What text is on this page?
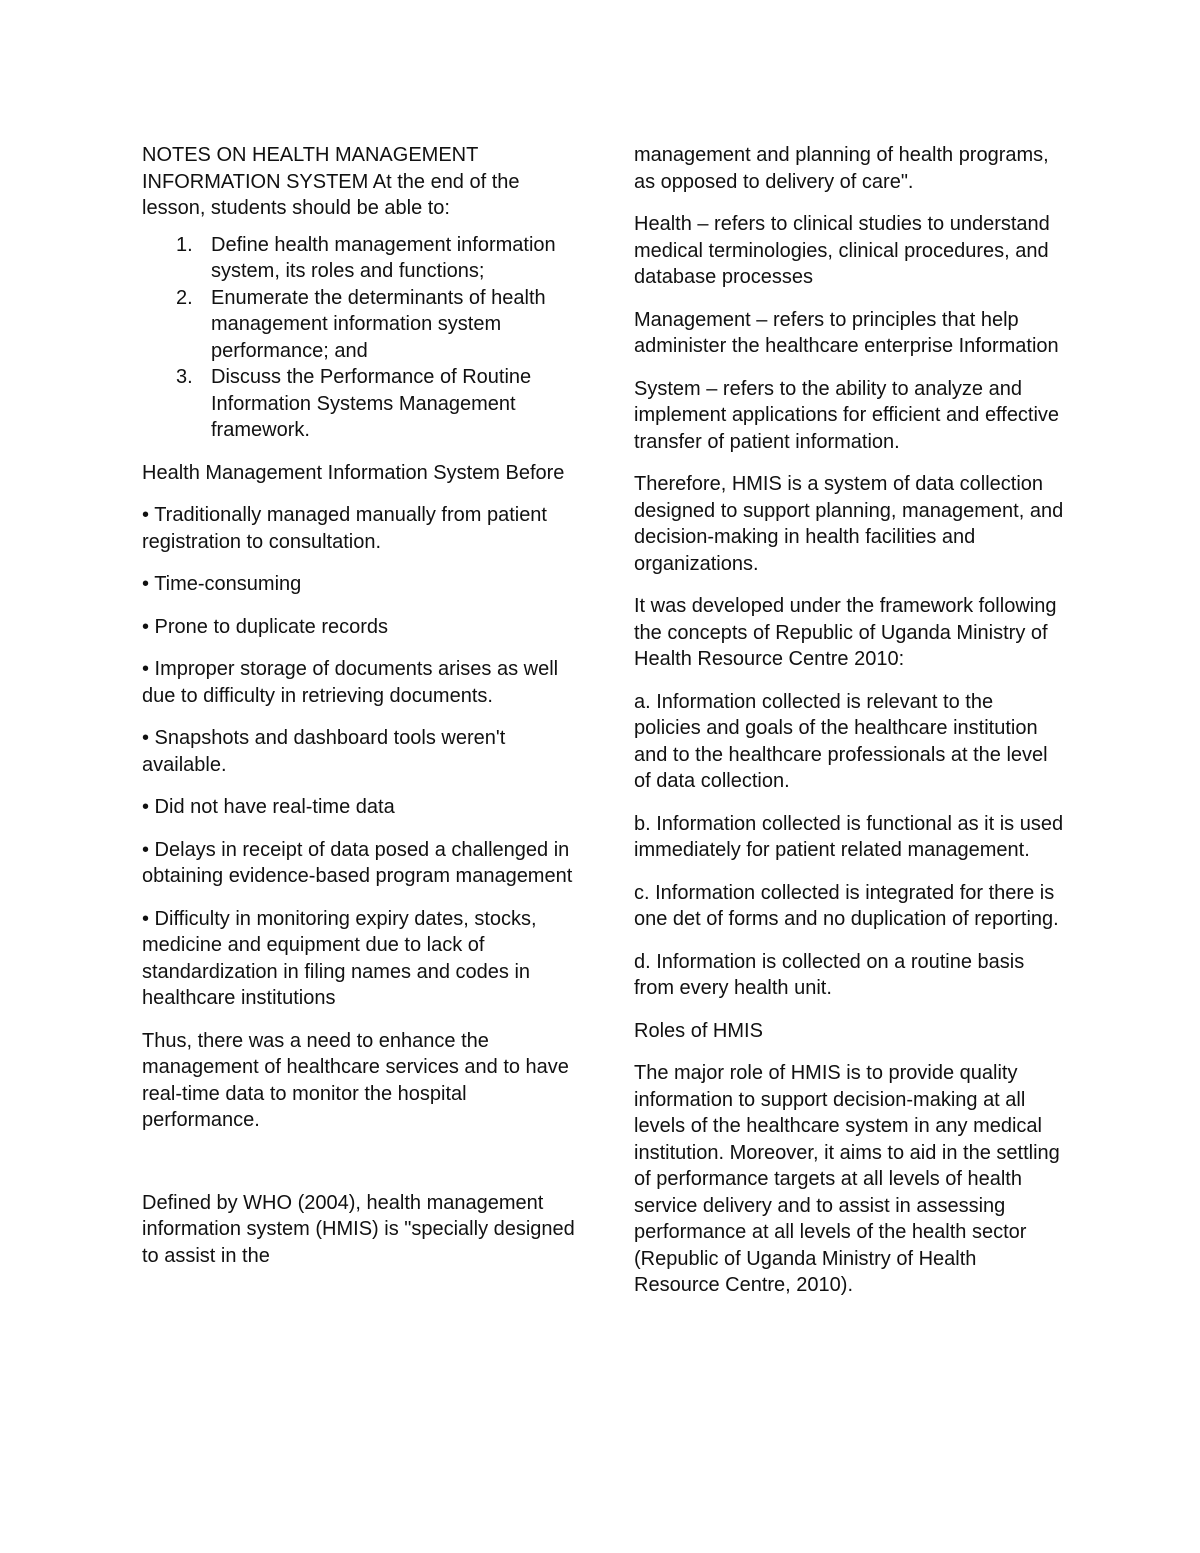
NOTES ON HEALTH MANAGEMENT INFORMATION SYSTEM At the end of the lesson, students should be able to:

1. Define health management information system, its roles and functions;
2. Enumerate the determinants of health management information system performance; and
3. Discuss the Performance of Routine Information Systems Management framework.

Health Management Information System Before

• Traditionally managed manually from patient registration to consultation.

• Time-consuming

• Prone to duplicate records

• Improper storage of documents arises as well due to difficulty in retrieving documents.

• Snapshots and dashboard tools weren't available.

• Did not have real-time data

• Delays in receipt of data posed a challenged in obtaining evidence-based program management

• Difficulty in monitoring expiry dates, stocks, medicine and equipment due to lack of standardization in filing names and codes in healthcare institutions

Thus, there was a need to enhance the management of healthcare services and to have real-time data to monitor the hospital performance.

Defined by WHO (2004), health management information system (HMIS) is "specially designed to assist in the

management and planning of health programs, as opposed to delivery of care".

Health – refers to clinical studies to understand medical terminologies, clinical procedures, and database processes

Management – refers to principles that help administer the healthcare enterprise Information

System – refers to the ability to analyze and implement applications for efficient and effective transfer of patient information.

Therefore, HMIS is a system of data collection designed to support planning, management, and decision-making in health facilities and organizations.

It was developed under the framework following the concepts of Republic of Uganda Ministry of Health Resource Centre 2010:

a. Information collected is relevant to the policies and goals of the healthcare institution and to the healthcare professionals at the level of data collection.

b. Information collected is functional as it is used immediately for patient related management.

c. Information collected is integrated for there is one det of forms and no duplication of reporting.

d. Information is collected on a routine basis from every health unit.

Roles of HMIS

The major role of HMIS is to provide quality information to support decision-making at all levels of the healthcare system in any medical institution. Moreover, it aims to aid in the settling of performance targets at all levels of health service delivery and to assist in assessing performance at all levels of the health sector (Republic of Uganda Ministry of Health Resource Centre, 2010).
